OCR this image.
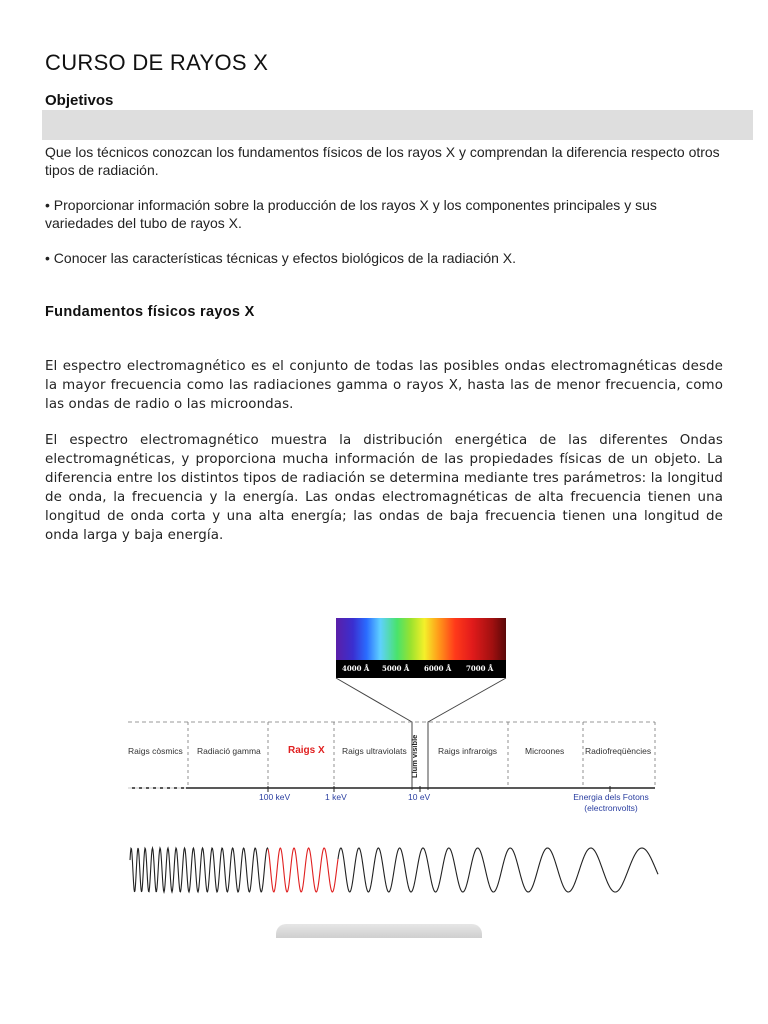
CURSO DE RAYOS X
Objetivos
Que los técnicos conozcan los fundamentos físicos de los rayos X y comprendan la diferencia respecto otros tipos de radiación.
• Proporcionar información sobre la producción de los rayos X y los componentes principales y sus variedades del tubo de rayos X.
• Conocer las características técnicas y efectos biológicos de la radiación X.
Fundamentos físicos rayos X
El espectro electromagnético es el conjunto de todas las posibles ondas electromagnéticas desde la mayor frecuencia como las radiaciones gamma o rayos X, hasta las de menor frecuencia, como las ondas de radio o las microondas.
El espectro electromagnético muestra la distribución energética de las diferentes Ondas electromagnéticas, y proporciona mucha información de las propiedades físicas de un objeto. La diferencia entre los distintos tipos de radiación se determina mediante tres parámetros: la longitud de onda, la frecuencia y la energía. Las ondas electromagnéticas de alta frecuencia tienen una longitud de onda corta y una alta energía; las ondas de baja frecuencia tienen una longitud de onda larga y baja energía.
4000 Å 5000 Å 6000 Å 7000 Å
Raigs còsmics Radiació gamma	Raigs X Raigs ultraviolats Llum visible Raigs infraroigs	Microones Radiofreqüències
100 keV	1 keV	10 eV	Energia dels Fotons
(electronvolts)
